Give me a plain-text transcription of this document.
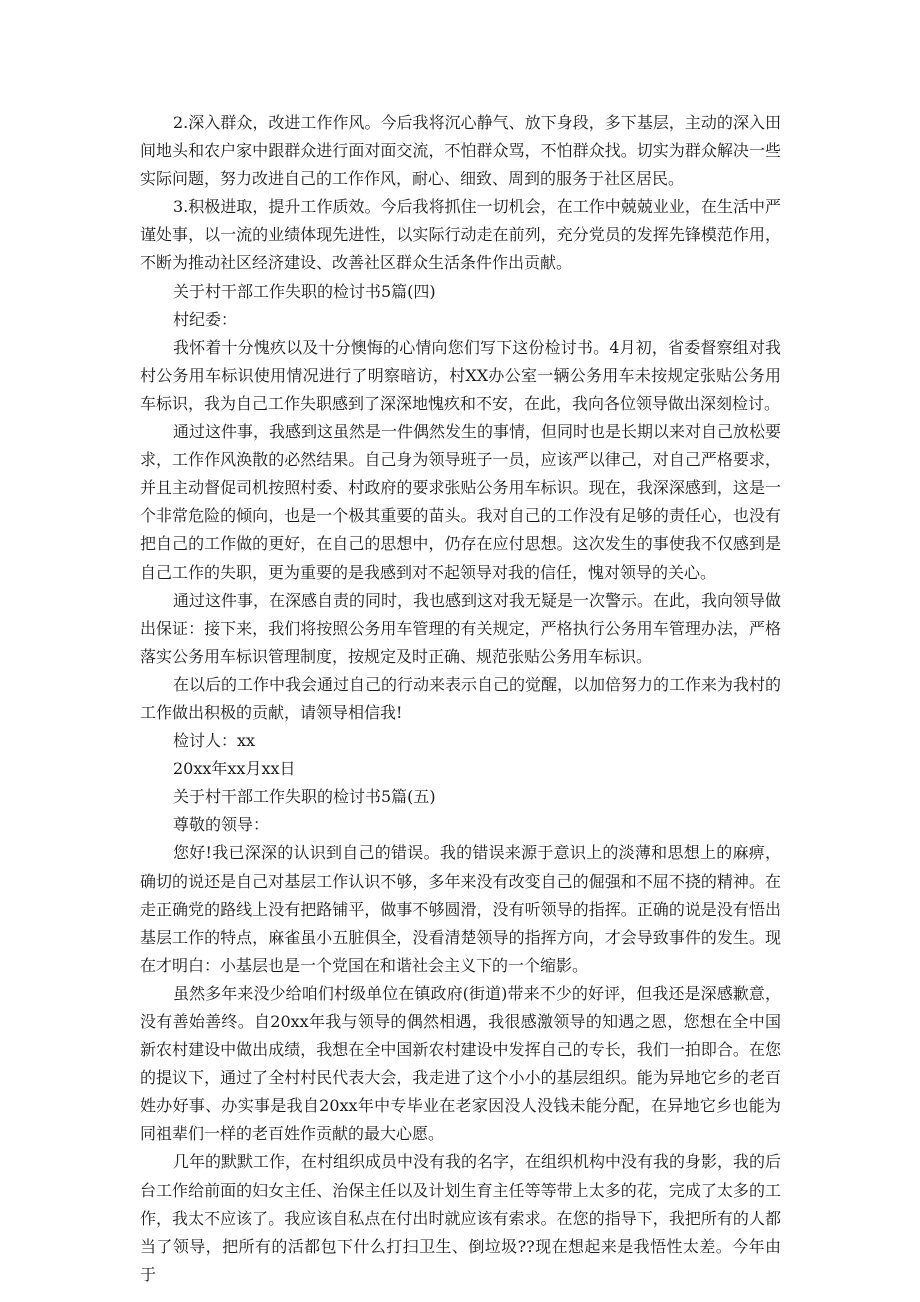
2.深入群众，改进工作作风。今后我将沉心静气、放下身段，多下基层，主动的深入田间地头和农户家中跟群众进行面对面交流，不怕群众骂，不怕群众找。切实为群众解决一些实际问题，努力改进自己的工作作风，耐心、细致、周到的服务于社区居民。

3.积极进取，提升工作质效。今后我将抓住一切机会，在工作中兢兢业业，在生活中严谨处事，以一流的业绩体现先进性，以实际行动走在前列，充分党员的发挥先锋模范作用，不断为推动社区经济建设、改善社区群众生活条件作出贡献。

关于村干部工作失职的检讨书5篇(四)

村纪委：

我怀着十分愧疚以及十分懊悔的心情向您们写下这份检讨书。4月初，省委督察组对我村公务用车标识使用情况进行了明察暗访，村XX办公室一辆公务用车未按规定张贴公务用车标识，我为自己工作失职感到了深深地愧疚和不安，在此，我向各位领导做出深刻检讨。

通过这件事，我感到这虽然是一件偶然发生的事情，但同时也是长期以来对自己放松要求，工作作风涣散的必然结果。自己身为领导班子一员，应该严以律己，对自己严格要求，并且主动督促司机按照村委、村政府的要求张贴公务用车标识。现在，我深深感到，这是一个非常危险的倾向，也是一个极其重要的苗头。我对自己的工作没有足够的责任心，也没有把自己的工作做的更好，在自己的思想中，仍存在应付思想。这次发生的事使我不仅感到是自己工作的失职，更为重要的是我感到对不起领导对我的信任，愧对领导的关心。

通过这件事，在深感自责的同时，我也感到这对我无疑是一次警示。在此，我向领导做出保证：接下来，我们将按照公务用车管理的有关规定，严格执行公务用车管理办法，严格落实公务用车标识管理制度，按规定及时正确、规范张贴公务用车标识。

在以后的工作中我会通过自己的行动来表示自己的觉醒，以加倍努力的工作来为我村的工作做出积极的贡献，请领导相信我!

检讨人：xx

20xx年xx月xx日

关于村干部工作失职的检讨书5篇(五)

尊敬的领导：

您好!我已深深的认识到自己的错误。我的错误来源于意识上的淡薄和思想上的麻痹，确切的说还是自己对基层工作认识不够，多年来没有改变自己的倔强和不屈不挠的精神。在走正确党的路线上没有把路铺平，做事不够圆滑，没有听领导的指挥。正确的说是没有悟出基层工作的特点，麻雀虽小五脏俱全，没看清楚领导的指挥方向，才会导致事件的发生。现在才明白：小基层也是一个党国在和谐社会主义下的一个缩影。

虽然多年来没少给咱们村级单位在镇政府(街道)带来不少的好评，但我还是深感歉意，没有善始善终。自20xx年我与领导的偶然相遇，我很感激领导的知遇之恩，您想在全中国新农村建设中做出成绩，我想在全中国新农村建设中发挥自己的专长，我们一拍即合。在您的提议下，通过了全村村民代表大会，我走进了这个小小的基层组织。能为异地它乡的老百姓办好事、办实事是我自20xx年中专毕业在老家因没人没钱未能分配，在异地它乡也能为同祖辈们一样的老百姓作贡献的最大心愿。

几年的默默工作，在村组织成员中没有我的名字，在组织机构中没有我的身影，我的后台工作给前面的妇女主任、治保主任以及计划生育主任等等带上太多的花，完成了太多的工作，我太不应该了。我应该自私点在付出时就应该有索求。在您的指导下，我把所有的人都当了领导，把所有的活都包下什么打扫卫生、倒垃圾??现在想起来是我悟性太差。今年由于
